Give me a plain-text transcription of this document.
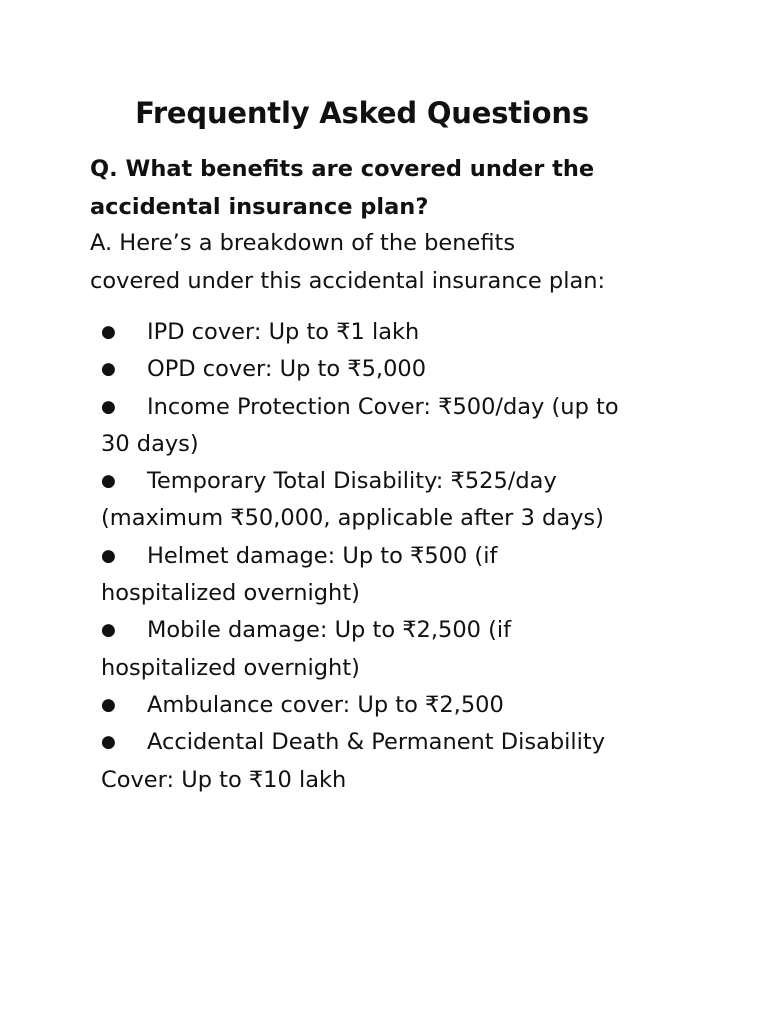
Frequently Asked Questions

Q. What benefits are covered under the accidental insurance plan?

A. Here’s a breakdown of the benefits
covered under this accidental insurance plan:

● IPD cover: Up to ₹1 lakh
● OPD cover: Up to ₹5,000
● Income Protection Cover: ₹500/day (up to
30 days)
● Temporary Total Disability: ₹525/day
(maximum ₹50,000, applicable after 3 days)
● Helmet damage: Up to ₹500 (if
hospitalized overnight)
● Mobile damage: Up to ₹2,500 (if
hospitalized overnight)
● Ambulance cover: Up to ₹2,500
● Accidental Death & Permanent Disability
Cover: Up to ₹10 lakh
